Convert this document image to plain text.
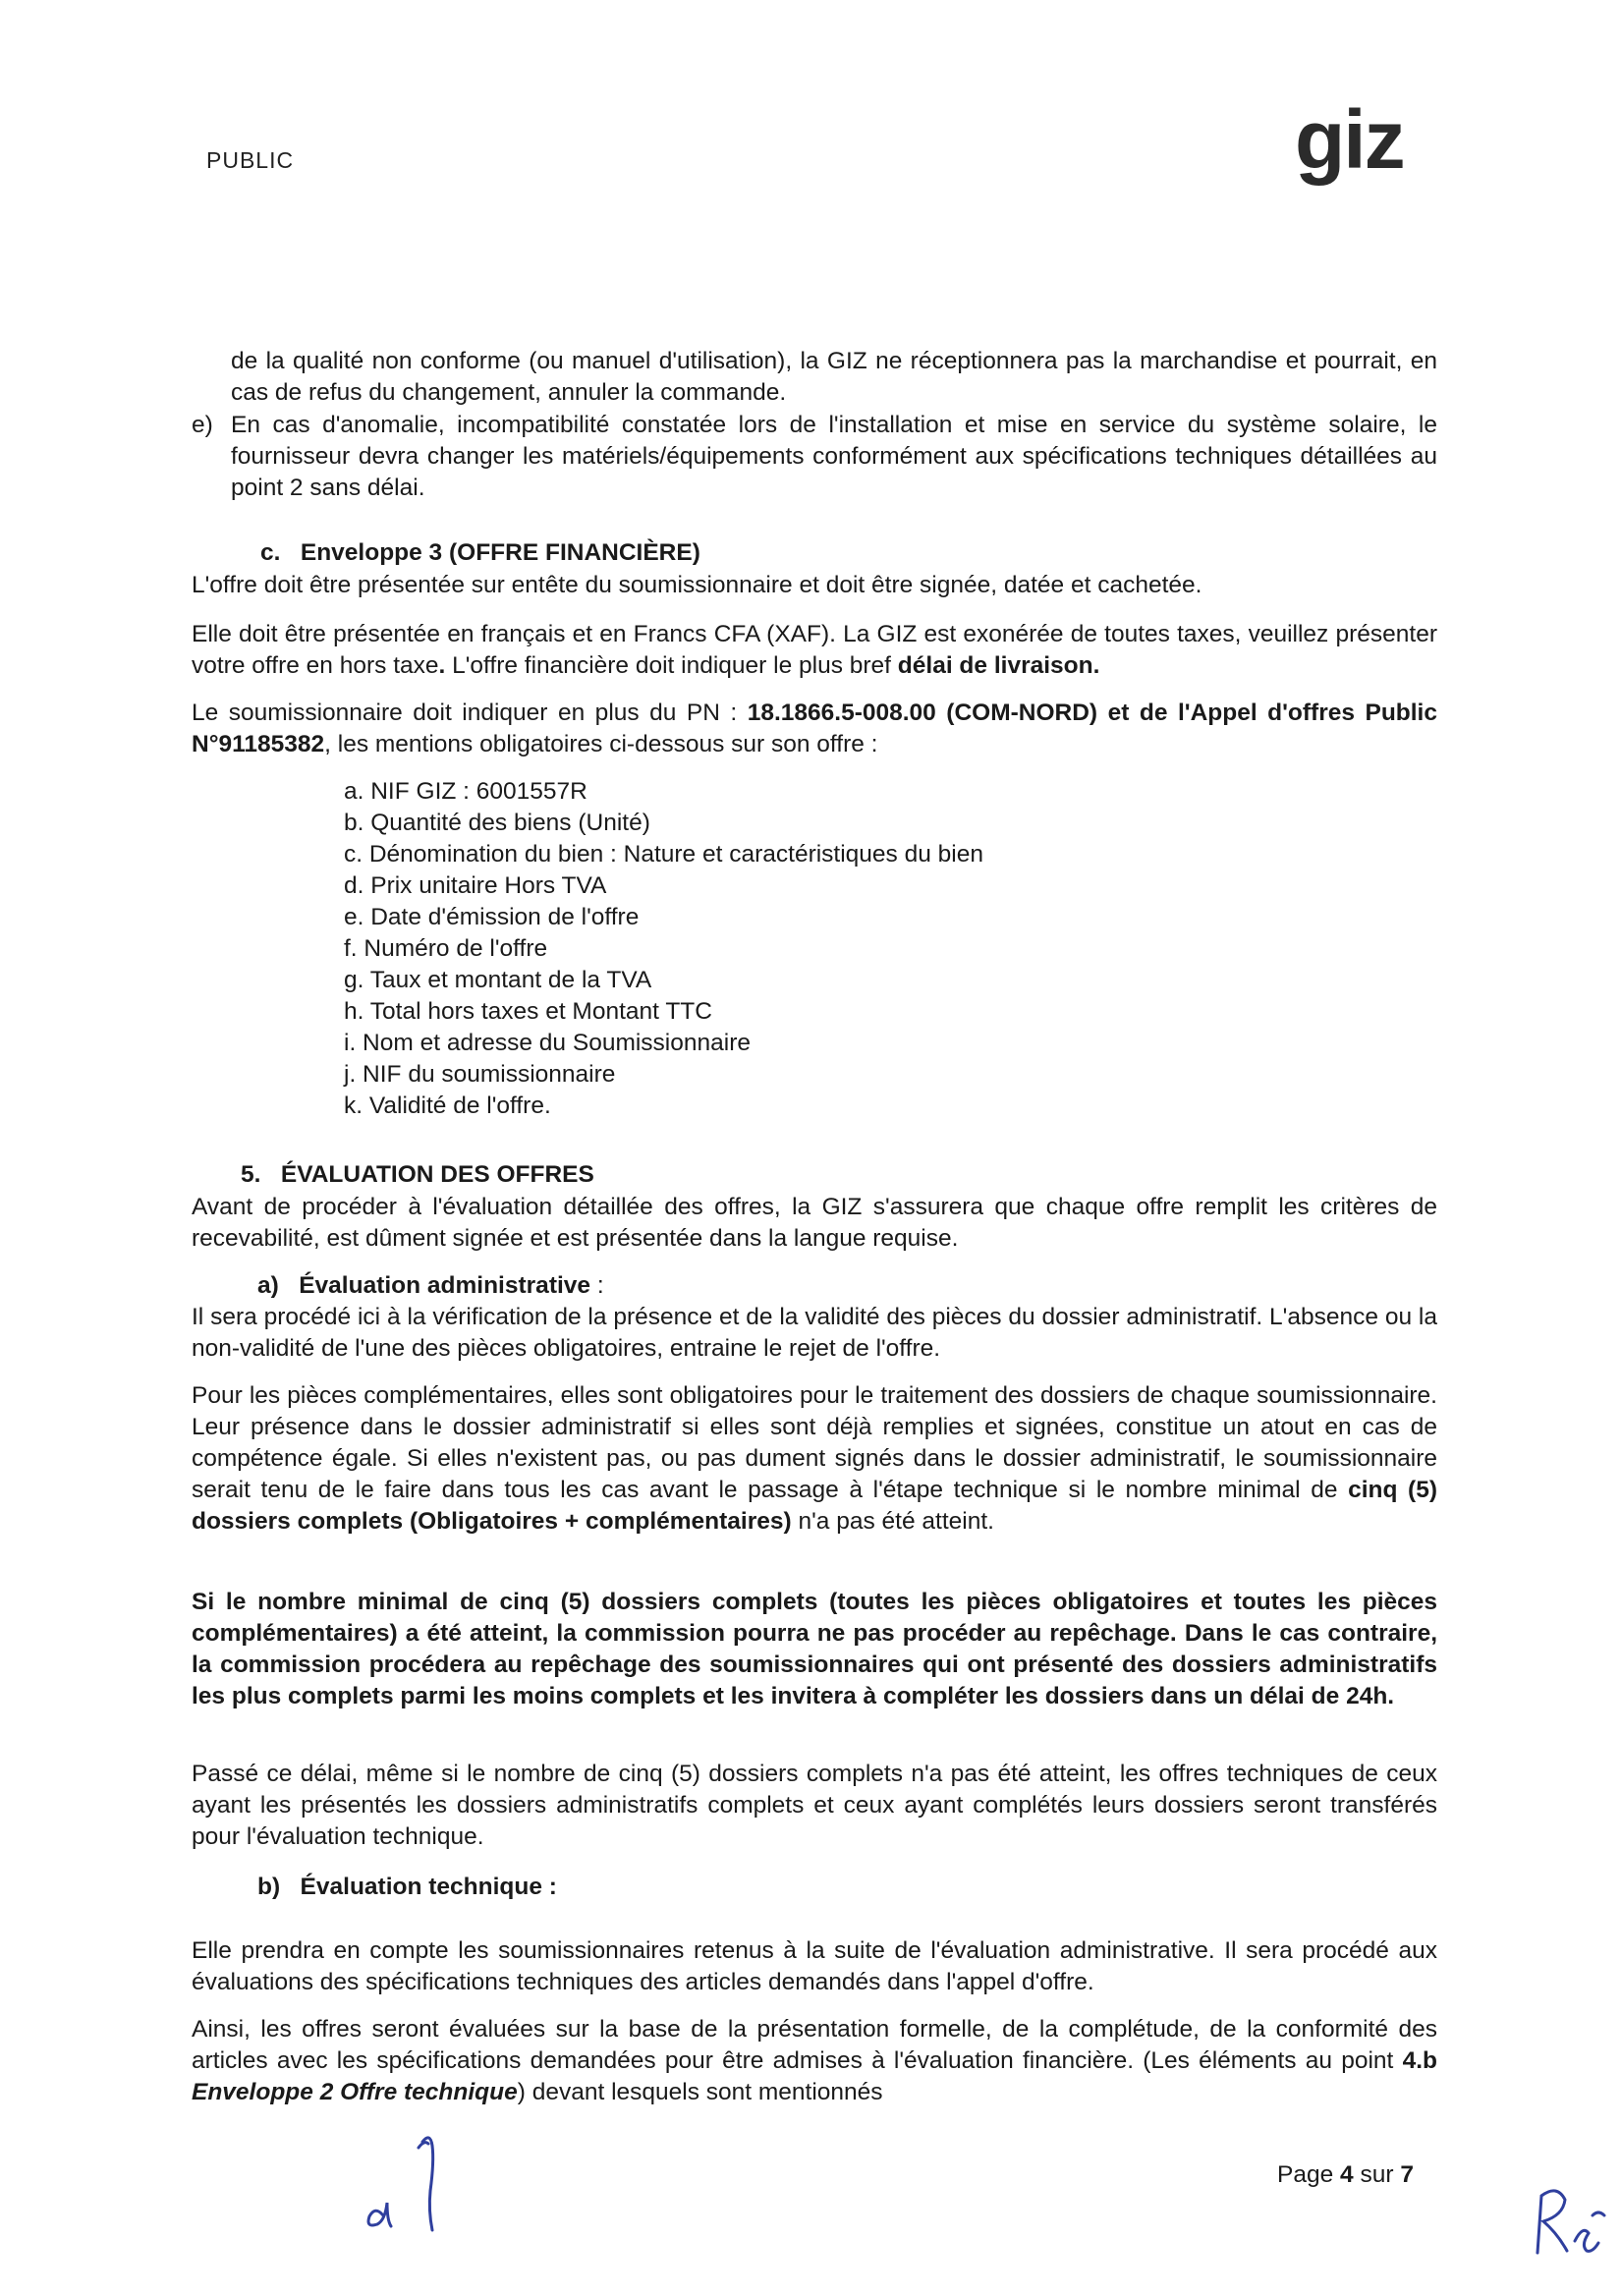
PUBLIC	giz
de la qualité non conforme (ou manuel d'utilisation), la GIZ ne réceptionnera pas la marchandise et pourrait, en cas de refus du changement, annuler la commande.
e) En cas d'anomalie, incompatibilité constatée lors de l'installation et mise en service du système solaire, le fournisseur devra changer les matériels/équipements conformément aux spécifications techniques détaillées au point 2 sans délai.
c. Enveloppe 3 (OFFRE FINANCIÈRE)
L'offre doit être présentée sur entête du soumissionnaire et doit être signée, datée et cachetée.
Elle doit être présentée en français et en Francs CFA (XAF). La GIZ est exonérée de toutes taxes, veuillez présenter votre offre en hors taxe. L'offre financière doit indiquer le plus bref délai de livraison.
Le soumissionnaire doit indiquer en plus du PN : 18.1866.5-008.00 (COM-NORD) et de l'Appel d'offres Public N°91185382, les mentions obligatoires ci-dessous sur son offre :
a. NIF GIZ : 6001557R
b. Quantité des biens (Unité)
c. Dénomination du bien : Nature et caractéristiques du bien
d. Prix unitaire Hors TVA
e. Date d'émission de l'offre
f. Numéro de l'offre
g. Taux et montant de la TVA
h. Total hors taxes et Montant TTC
i. Nom et adresse du Soumissionnaire
j. NIF du soumissionnaire
k. Validité de l'offre.
5. ÉVALUATION DES OFFRES
Avant de procéder à l'évaluation détaillée des offres, la GIZ s'assurera que chaque offre remplit les critères de recevabilité, est dûment signée et est présentée dans la langue requise.
a) Évaluation administrative :
Il sera procédé ici à la vérification de la présence et de la validité des pièces du dossier administratif. L'absence ou la non-validité de l'une des pièces obligatoires, entraine le rejet de l'offre.
Pour les pièces complémentaires, elles sont obligatoires pour le traitement des dossiers de chaque soumissionnaire. Leur présence dans le dossier administratif si elles sont déjà remplies et signées, constitue un atout en cas de compétence égale. Si elles n'existent pas, ou pas dument signés dans le dossier administratif, le soumissionnaire serait tenu de le faire dans tous les cas avant le passage à l'étape technique si le nombre minimal de cinq (5) dossiers complets (Obligatoires + complémentaires) n'a pas été atteint.
Si le nombre minimal de cinq (5) dossiers complets (toutes les pièces obligatoires et toutes les pièces complémentaires) a été atteint, la commission pourra ne pas procéder au repêchage. Dans le cas contraire, la commission procédera au repêchage des soumissionnaires qui ont présenté des dossiers administratifs les plus complets parmi les moins complets et les invitera à compléter les dossiers dans un délai de 24h.
Passé ce délai, même si le nombre de cinq (5) dossiers complets n'a pas été atteint, les offres techniques de ceux ayant les présentés les dossiers administratifs complets et ceux ayant complétés leurs dossiers seront transférés pour l'évaluation technique.
b) Évaluation technique :
Elle prendra en compte les soumissionnaires retenus à la suite de l'évaluation administrative. Il sera procédé aux évaluations des spécifications techniques des articles demandés dans l'appel d'offre.
Ainsi, les offres seront évaluées sur la base de la présentation formelle, de la complétude, de la conformité des articles avec les spécifications demandées pour être admises à l'évaluation financière. (Les éléments au point 4.b Enveloppe 2 Offre technique) devant lesquels sont mentionnés
Page 4 sur 7
